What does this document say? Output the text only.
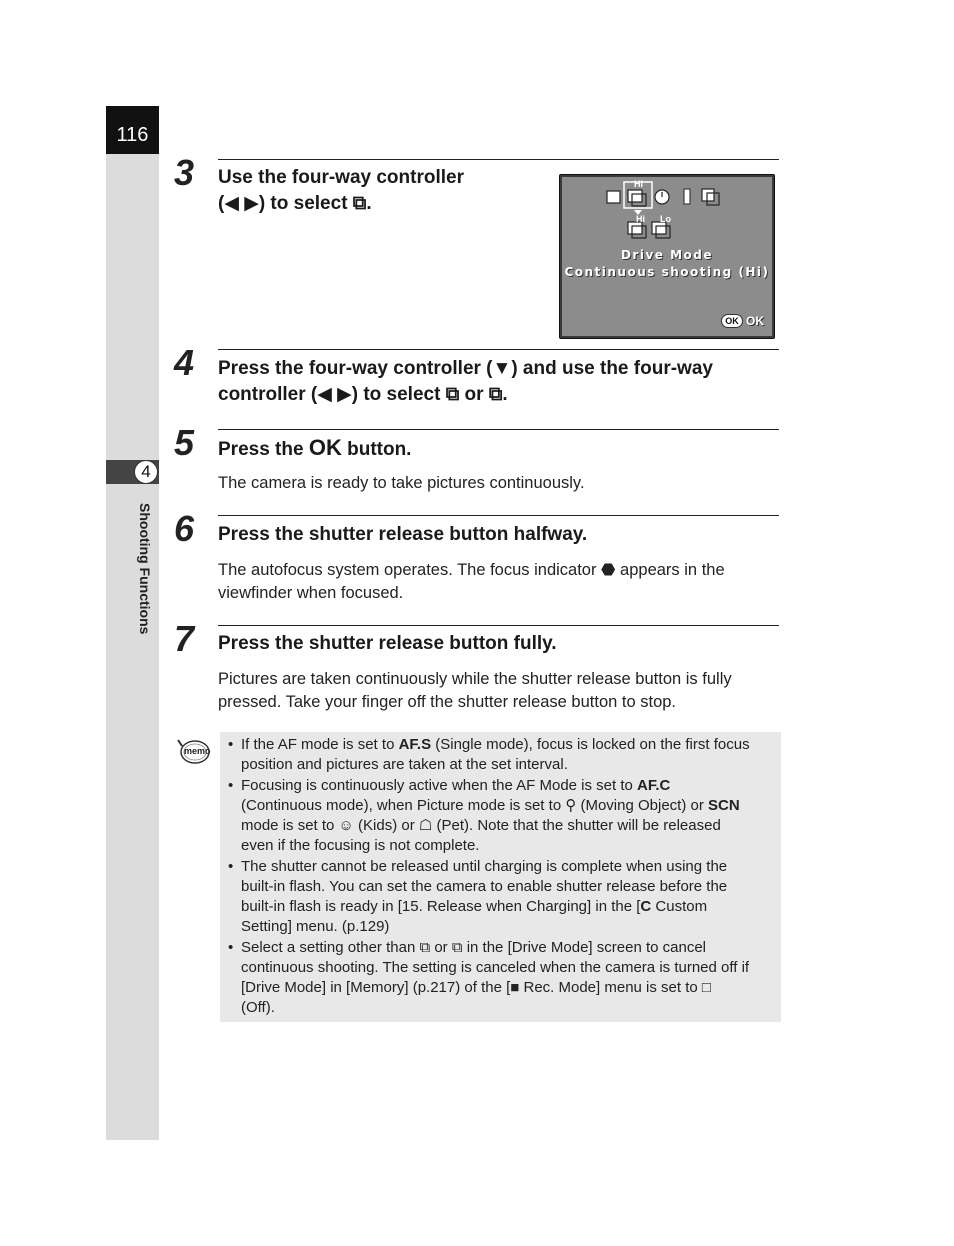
116
4
Shooting Functions
3 Use the four-way controller
(◀ ▶) to select ⧉.
Hi
Hi Lo
Drive Mode
Continuous shooting (Hi)
OK OK
4 Press the four-way controller (▼) and use the four-way
controller (◀ ▶) to select ⧉ or ⧉.
5 Press the OK button.
The camera is ready to take pictures continuously.
6 Press the shutter release button halfway.
The autofocus system operates. The focus indicator ⬣ appears in the
viewfinder when focused.
7 Press the shutter release button fully.
Pictures are taken continuously while the shutter release button is fully
pressed. Take your finger off the shutter release button to stop.
memo • If the AF mode is set to AF.S (Single mode), focus is locked on the first focus
position and pictures are taken at the set interval.
• Focusing is continuously active when the AF Mode is set to AF.C
(Continuous mode), when Picture mode is set to ⚲ (Moving Object) or SCN
mode is set to ☺ (Kids) or ☖ (Pet). Note that the shutter will be released
even if the focusing is not complete.
• The shutter cannot be released until charging is complete when using the
built-in flash. You can set the camera to enable shutter release before the
built-in flash is ready in [15. Release when Charging] in the [C Custom
Setting] menu. (p.129)
• Select a setting other than ⧉ or ⧉ in the [Drive Mode] screen to cancel
continuous shooting. The setting is canceled when the camera is turned off if
[Drive Mode] in [Memory] (p.217) of the [■ Rec. Mode] menu is set to □
(Off).
